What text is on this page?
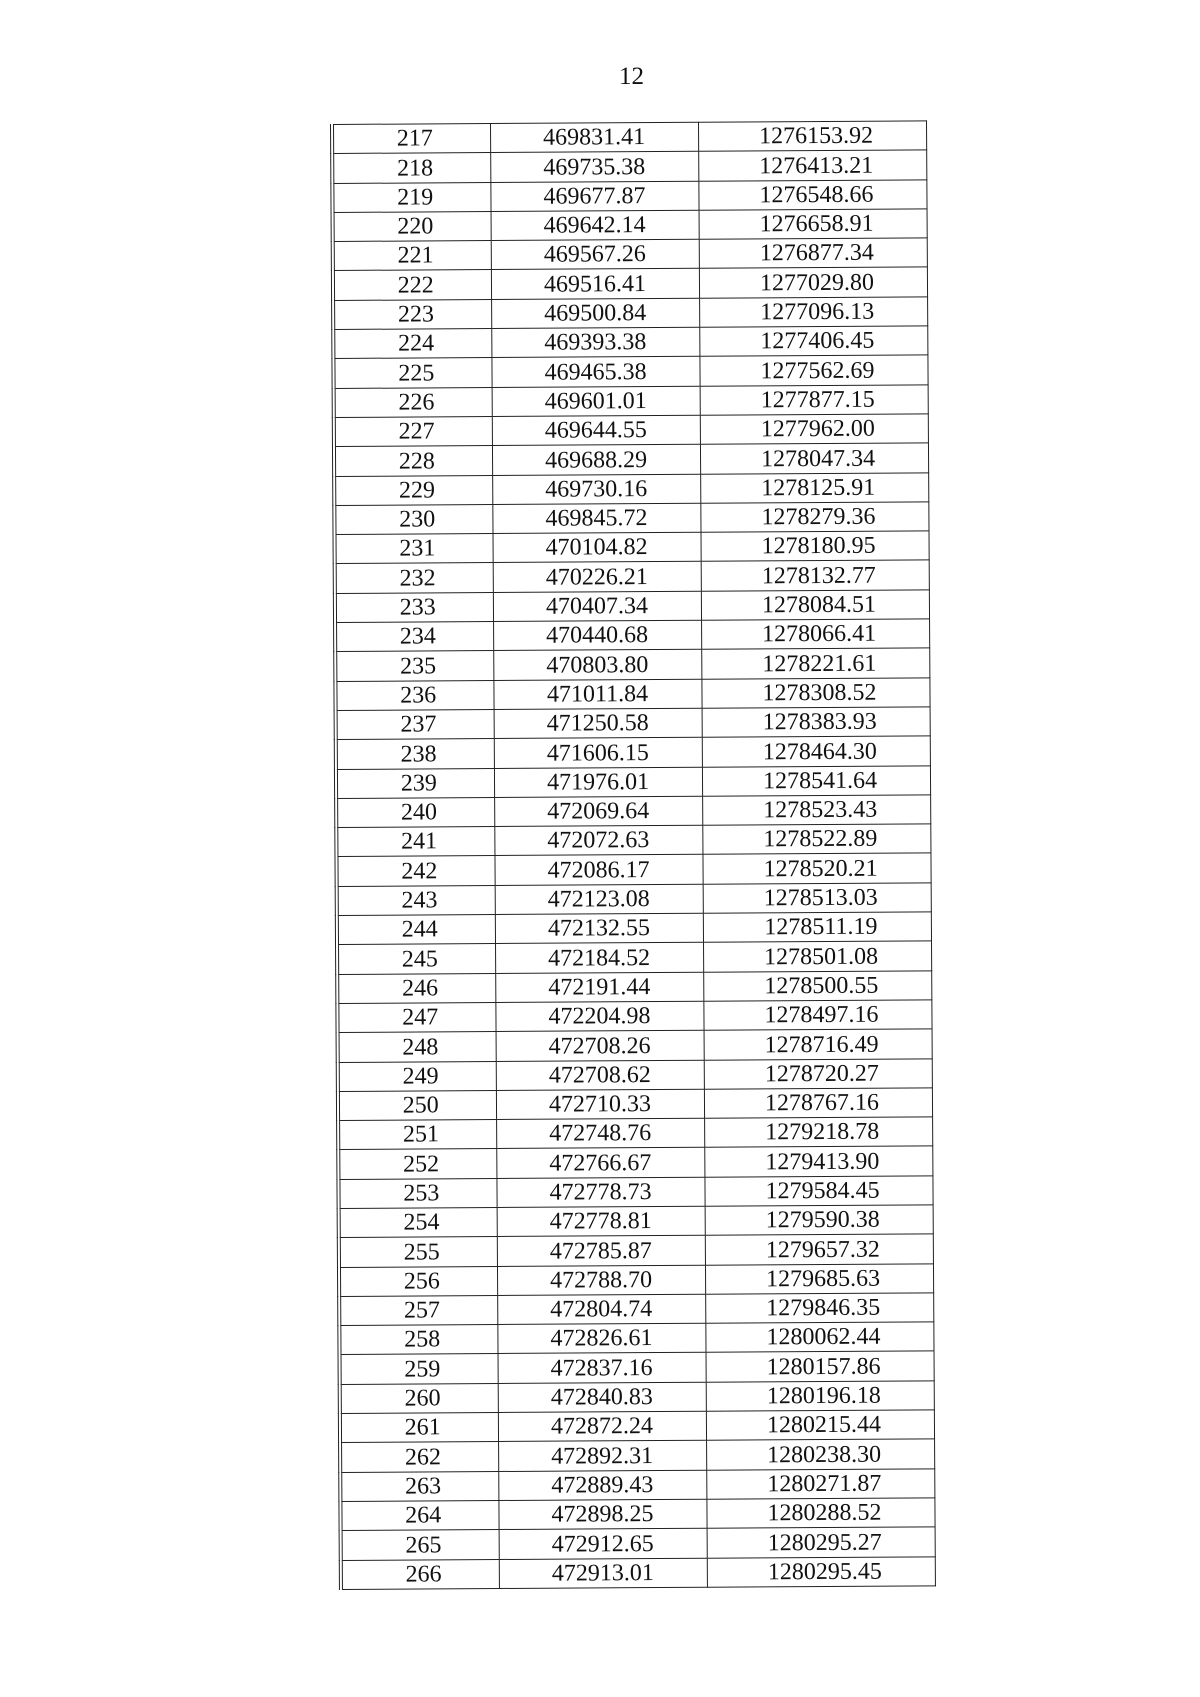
12
217	469831.41	1276153.92
218	469735.38	1276413.21
219	469677.87	1276548.66
220	469642.14	1276658.91
221	469567.26	1276877.34
222	469516.41	1277029.80
223	469500.84	1277096.13
224	469393.38	1277406.45
225	469465.38	1277562.69
226	469601.01	1277877.15
227	469644.55	1277962.00
228	469688.29	1278047.34
229	469730.16	1278125.91
230	469845.72	1278279.36
231	470104.82	1278180.95
232	470226.21	1278132.77
233	470407.34	1278084.51
234	470440.68	1278066.41
235	470803.80	1278221.61
236	471011.84	1278308.52
237	471250.58	1278383.93
238	471606.15	1278464.30
239	471976.01	1278541.64
240	472069.64	1278523.43
241	472072.63	1278522.89
242	472086.17	1278520.21
243	472123.08	1278513.03
244	472132.55	1278511.19
245	472184.52	1278501.08
246	472191.44	1278500.55
247	472204.98	1278497.16
248	472708.26	1278716.49
249	472708.62	1278720.27
250	472710.33	1278767.16
251	472748.76	1279218.78
252	472766.67	1279413.90
253	472778.73	1279584.45
254	472778.81	1279590.38
255	472785.87	1279657.32
256	472788.70	1279685.63
257	472804.74	1279846.35
258	472826.61	1280062.44
259	472837.16	1280157.86
260	472840.83	1280196.18
261	472872.24	1280215.44
262	472892.31	1280238.30
263	472889.43	1280271.87
264	472898.25	1280288.52
265	472912.65	1280295.27
266	472913.01	1280295.45
